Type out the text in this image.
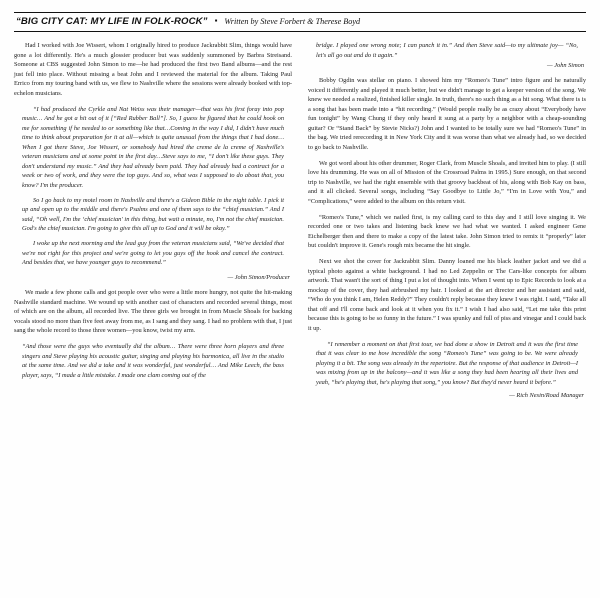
“BIG CITY CAT: MY LIFE IN FOLK-ROCK” ▪ Written by Steve Forbert & Therese Boyd

Had I worked with Joe Wissert, whom I originally hired to produce Jackrabbit Slim, things would have gone a lot differently. He's a much glossier producer but was suddenly summoned by Barbra Streisand. Someone at CBS suggested John Simon to me—he had produced the first two Band albums—and the rest just fell into place. Without missing a beat John and I reviewed the material for the album. Taking Paul Errico from my touring band with us, we flew to Nashville where the sessions were already booked with top-echelon musicians.

“I had produced the Cyrkle and Nat Weiss was their manager—that was his first foray into pop music… And he got a hit out of it [“Red Rubber Ball”]. So, I guess he figured that he could hook on me for something if he needed to or something like that…Coming in the way I did, I didn't have much time to think about preparation for it at all—which is quite unusual from the things that I had done… When I got there Steve, Joe Wissert, or somebody had hired the creme de la creme of Nashville's veteran musicians and at some point in the first day…Steve says to me, “I don't like these guys. They don't understand my music.” And they had already been paid. They had already had a contract for a week or two of work, and they were the top guys. And so, what was I supposed to do about that, you know? I'm the producer.

So I go back to my motel room in Nashville and there's a Gideon Bible in the night table. I pick it up and open up to the middle and there's Psalms and one of them says to the “chief musician.” And I said, “Oh well, I'm the ‘chief musician' in this thing, but wait a minute, no, I'm not the chief musician. God's the chief musician. I'm going to give this all up to God and it will be okay.”

I woke up the next morning and the lead guy from the veteran musicians said, “We've decided that we're not right for this project and we're going to let you guys off the hook and cancel the contract. And besides that, we have younger guys to recommend.”

— John Simon/Producer

We made a few phone calls and got people over who were a little more hungry, not quite the hit-making Nashville standard machine. We wound up with another cast of characters and recorded several things, most of which are on the album, all recorded live. The three girls we brought in from Muscle Shoals for backing vocals stood no more than five feet away from me, as I sang and they sang. I had no problem with that, I just sang the whole record to those three women—you know, twist my arm.

“And those were the guys who eventually did the album… There were three horn players and three singers and Steve playing his acoustic guitar, singing and playing his harmonica, all live in the studio at the same time. And we did a take and it was wonderful, just wonderful… And Mike Leech, the bass player, says, “I made a little mistake. I made one clam coming out of the
bridge. I played one wrong note; I can punch it in.” And then Steve said—to my ultimate joy— “No, let's all go out and do it again.”
— John Simon

Bobby Ogdin was stellar on piano. I showed him my “Romeo's Tune” intro figure and he naturally voiced it differently and played it much better, but we didn't manage to get a keeper version of the song. We knew we needed a realized, finished killer single. In truth, there's no such thing as a hit song. What there is is a song that has been made into a “hit recording.” (Would people really be as crazy about “Everybody have fun tonight” by Wang Chung if they only heard it sung at a party by a neighbor with a cheap-sounding guitar? Or “Stand Back” by Stevie Nicks?) John and I wanted to be totally sure we had “Romeo's Tune” in the bag. We tried rerecording it in New York City and it was worse than what we already had, so we decided to go back to Nashville.

We got word about his other drummer, Roger Clark, from Muscle Shoals, and invited him to play. (I still love his drumming. He was on all of Mission of the Crossroad Palms in 1995.) Sure enough, on that second trip to Nashville, we had the right ensemble with that groovy backbeat of his, along with Bob Kay on bass, and it all clicked. Several songs, including “Say Goodbye to Little Jo,” “I'm in Love with You,” and “Complications,” were added to the album on this return visit.

“Romeo's Tune,” which we nailed first, is my calling card to this day and I still love singing it. We recorded one or two takes and listening back knew we had what we wanted. I asked engineer Gene Eichelberger then and there to make a copy of the latest take. John Simon tried to remix it “properly” later but couldn't improve it. Gene's rough mix became the hit single.

Next we shot the cover for Jackrabbit Slim. Danny loaned me his black leather jacket and we did a typical photo against a white background. I had no Led Zeppelin or The Cars-like concepts for album artwork. That wasn't the sort of thing I put a lot of thought into. When I went up to Epic Records to look at a mockup of the cover, they had airbrushed my hair. I looked at the art director and her assistant and said, “Who do you think I am, Helen Reddy?” They couldn't reply because they knew I was right. I said, “Take all that off and I'll come back and look at it when you fix it.” I wish I had also said, “Let me take this print because this is going to be so funny in the future.” I was spunky and full of piss and vinegar and I could back it up.

“I remember a moment on that first tour, we had done a show in Detroit and it was the first time that it was clear to me how incredible the song “Romeo's Tune” was going to be. We were already playing it a bit. The song was already in the repertoire. But the response of that audience in Detroit—I was mixing from up in the balcony—and it was like a song they had been hearing all their lives and yeah, “he's playing that, he's playing that song,” you know? But they'd never heard it before.”

— Rich Nesin/Road Manager
